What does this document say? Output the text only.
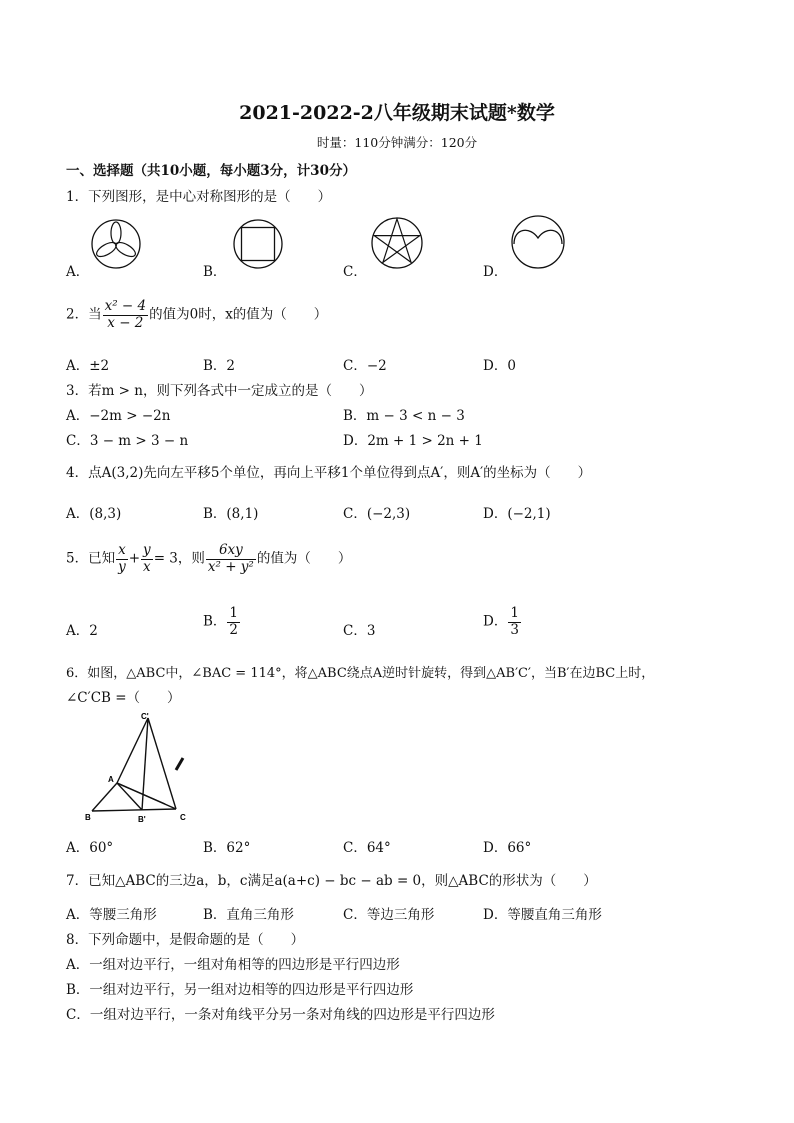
2021-2022-2八年级期末试题*数学
时量：110分钟满分：120分
一、选择题（共10小题，每小题3分，计30分）
1．下列图形，是中心对称图形的是（　　）
A．	B．	C．	D．
2．当 $\frac{\text{x² − 4}}{x - 2}$ 的值为0时，x的值为（　　）
A．±2	B．2	C．−2	D．0
3．若m > n，则下列各式中一定成立的是（　　）
A．−2m > −2n	B．m − 3 < n − 3
C．3 − m > 3 − n	D．2m + 1 > 2n + 1
4．点A(3,2)先向左平移5个单位，再向上平移1个单位得到点A′，则A′的坐标为（　　）
A．(8,3)	B．(8,1)	C．(−2,3)	D．(−2,1)
5．已知 $\frac{x}{y} + \frac{y}{x} = 3$，则 $\frac{6xy}{\text{x² + y²}}$ 的值为（　　）
A．2
B． $\frac{1}{2}$	C．3
D． $\frac{1}{3}$
6．如图，△ABC中，∠BAC = 114°，将△ABC绕点A逆时针旋转，得到△AB′C′，当B′在边BC上时，
∠C′CB =（　　）
C'
A
B	B'	C
A．60°	B．62°	C．64°	D．66°
7．已知△ABC的三边a，b，c满足a(a+c) − bc − ab = 0，则△ABC的形状为（　　）
A．等腰三角形	B．直角三角形	C．等边三角形	D．等腰直角三角形
8．下列命题中，是假命题的是（　　）
A．一组对边平行，一组对角相等的四边形是平行四边形
B．一组对边平行，另一组对边相等的四边形是平行四边形
C．一组对边平行，一条对角线平分另一条对角线的四边形是平行四边形
